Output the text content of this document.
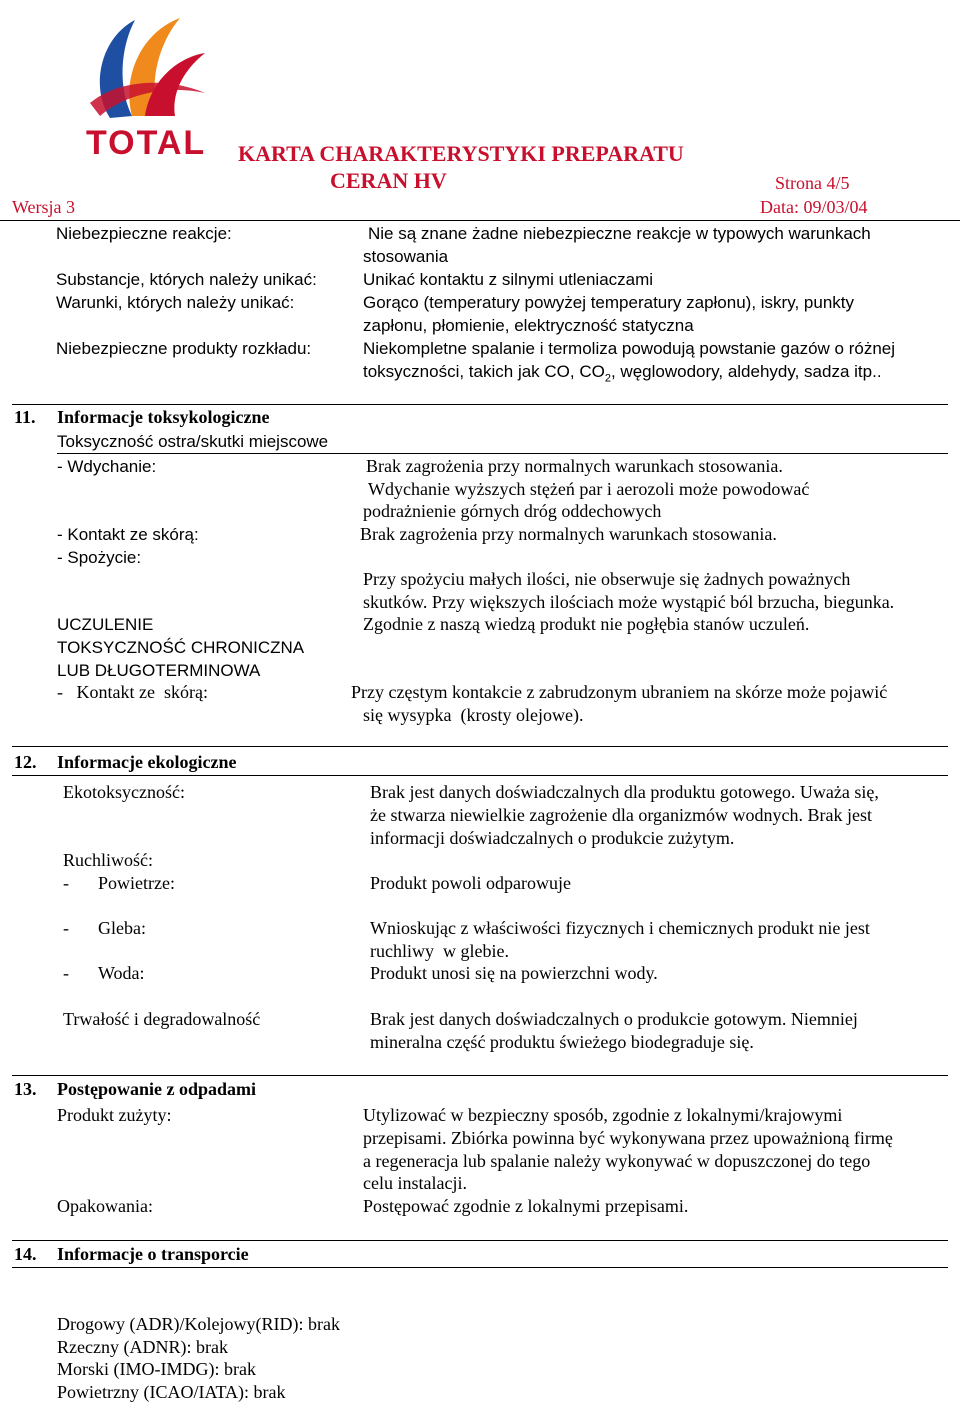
TOTAL KARTA CHARAKTERYSTYKI PREPARATU
CERAN HV	Strona 4/5
Wersja 3	Data: 09/03/04
Niebezpieczne reakcje:	Nie są znane żadne niebezpieczne reakcje w typowych warunkach
stosowania
Substancje, których należy unikać:	Unikać kontaktu z silnymi utleniaczami
Warunki, których należy unikać:	Gorąco (temperatury powyżej temperatury zapłonu), iskry, punkty
zapłonu, płomienie, elektryczność statyczna
Niebezpieczne produkty rozkładu:	Niekompletne spalanie i termoliza powodują powstanie gazów o różnej
toksyczności, takich jak CO, $CO_2$, węglowodory, aldehydy, sadza itp..
11. Informacje toksykologiczne
Toksyczność ostra/skutki miejscowe
- Wdychanie:	Brak zagrożenia przy normalnych warunkach stosowania.
Wdychanie wyższych stężeń par i aerozoli może powodować
podrażnienie górnych dróg oddechowych
- Kontakt ze skórą:	Brak zagrożenia przy normalnych warunkach stosowania.
- Spożycie:
Przy spożyciu małych ilości, nie obserwuje się żadnych poważnych
skutków. Przy większych ilościach może wystąpić ból brzucha, biegunka.
UCZULENIE	Zgodnie z naszą wiedzą produkt nie pogłębia stanów uczuleń.
TOKSYCZNOŚĆ CHRONICZNA
LUB DŁUGOTERMINOWA
-   Kontakt ze  skórą:	Przy częstym kontakcie z zabrudzonym ubraniem na skórze może pojawić
się wysypka  (krosty olejowe).
12. Informacje ekologiczne
Ekotoksyczność:	Brak jest danych doświadczalnych dla produktu gotowego. Uważa się,
że stwarza niewielkie zagrożenie dla organizmów wodnych. Brak jest
informacji doświadczalnych o produkcie zużytym.
Ruchliwość:
- Powietrze:	Produkt powoli odparowuje
- Gleba:	Wnioskując z właściwości fizycznych i chemicznych produkt nie jest
ruchliwy  w glebie.
- Woda:	Produkt unosi się na powierzchni wody.
Trwałość i degradowalność	Brak jest danych doświadczalnych o produkcie gotowym. Niemniej
mineralna część produktu świeżego biodegraduje się.
13. Postępowanie z odpadami
Produkt zużyty:	Utylizować w bezpieczny sposób, zgodnie z lokalnymi/krajowymi
przepisami. Zbiórka powinna być wykonywana przez upoważnioną firmę
a regeneracja lub spalanie należy wykonywać w dopuszczonej do tego
celu instalacji.
Opakowania:	Postępować zgodnie z lokalnymi przepisami.
14. Informacje o transporcie
Drogowy (ADR)/Kolejowy(RID): brak
Rzeczny (ADNR): brak
Morski (IMO-IMDG): brak
Powietrzny (ICAO/IATA): brak
